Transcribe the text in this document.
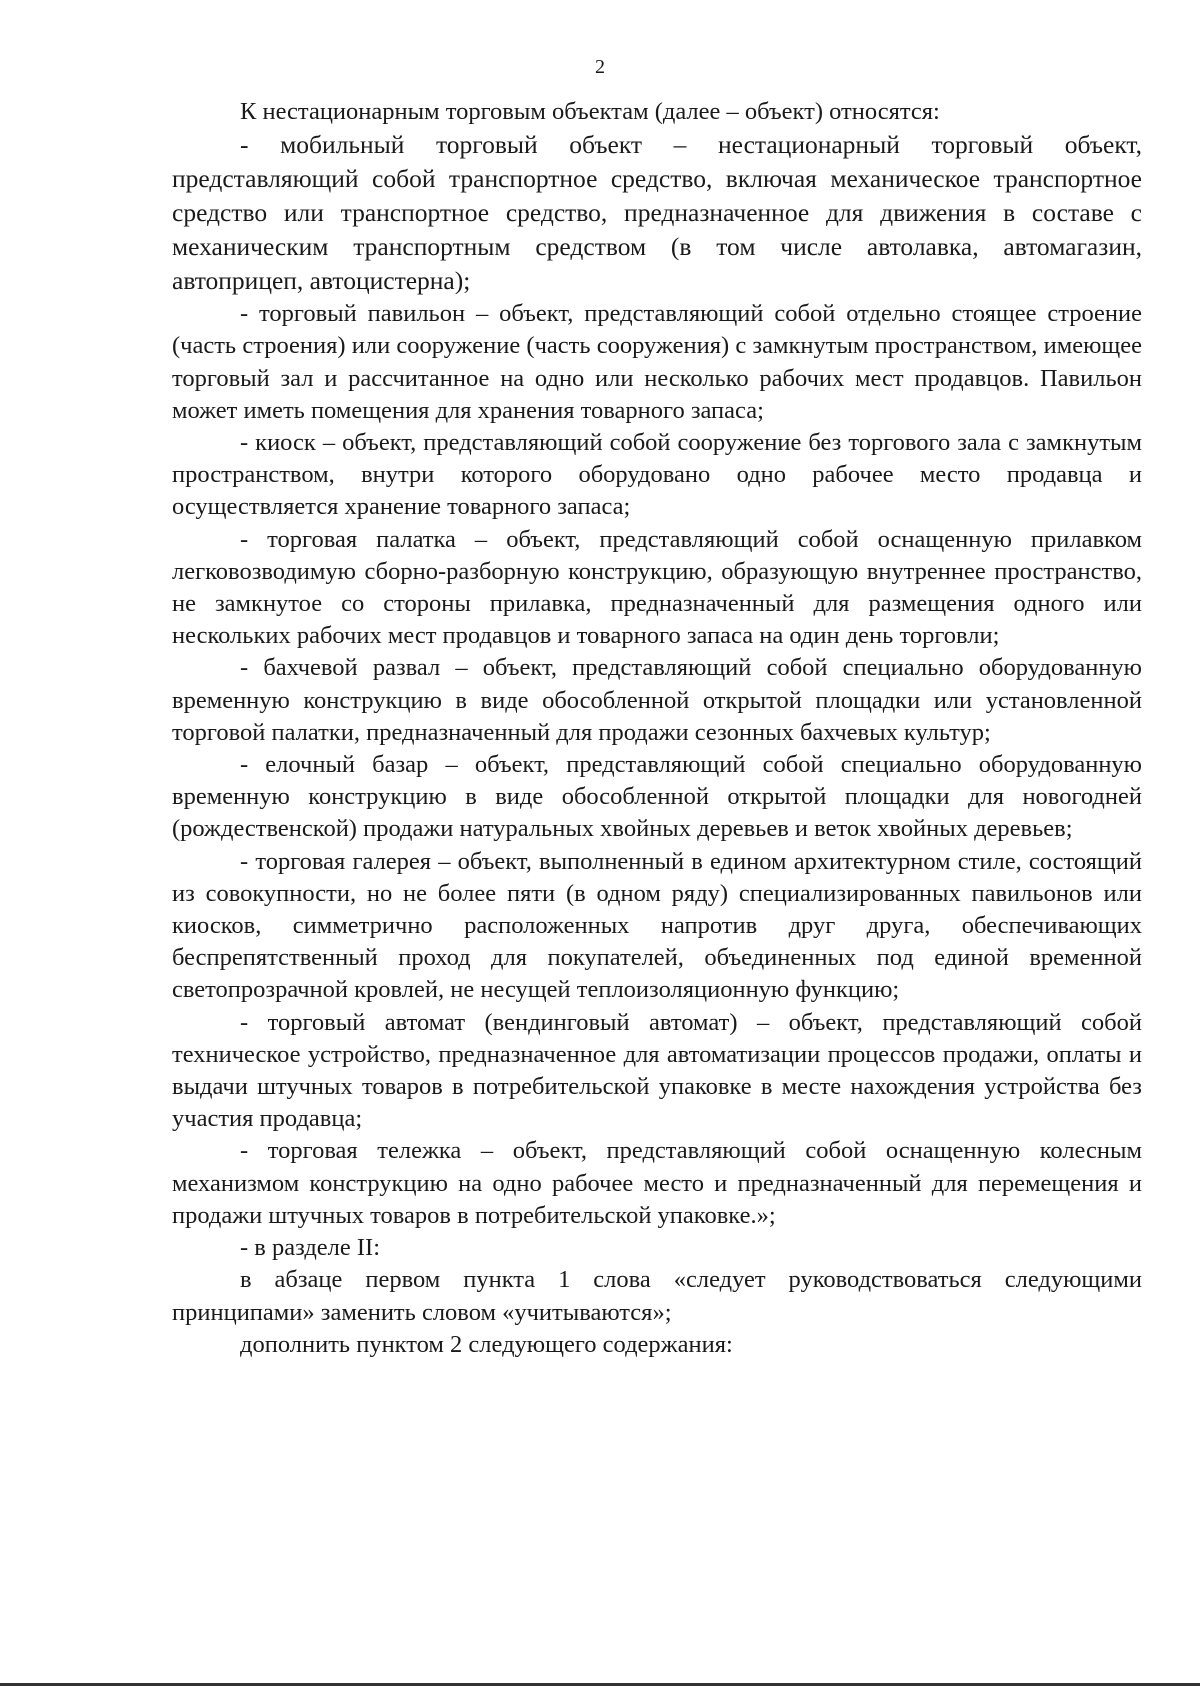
2

К нестационарным торговым объектам (далее – объект) относятся:

- мобильный торговый объект – нестационарный торговый объект, представляющий собой транспортное средство, включая механическое транспортное средство или транспортное средство, предназначенное для движения в составе с механическим транспортным средством (в том числе автолавка, автомагазин, автоприцеп, автоцистерна);

- торговый павильон – объект, представляющий собой отдельно стоящее строение (часть строения) или сооружение (часть сооружения) с замкнутым пространством, имеющее торговый зал и рассчитанное на одно или несколько рабочих мест продавцов. Павильон может иметь помещения для хранения товарного запаса;

- киоск – объект, представляющий собой сооружение без торгового зала с замкнутым пространством, внутри которого оборудовано одно рабочее место продавца и осуществляется хранение товарного запаса;

- торговая палатка – объект, представляющий собой оснащенную прилавком легковозводимую сборно-разборную конструкцию, образующую внутреннее пространство, не замкнутое со стороны прилавка, предназначенный для размещения одного или нескольких рабочих мест продавцов и товарного запаса на один день торговли;

- бахчевой развал – объект, представляющий собой специально оборудованную временную конструкцию в виде обособленной открытой площадки или установленной торговой палатки, предназначенный для продажи сезонных бахчевых культур;

- елочный базар – объект, представляющий собой специально оборудованную временную конструкцию в виде обособленной открытой площадки для новогодней (рождественской) продажи натуральных хвойных деревьев и веток хвойных деревьев;

- торговая галерея – объект, выполненный в едином архитектурном стиле, состоящий из совокупности, но не более пяти (в одном ряду) специализированных павильонов или киосков, симметрично расположенных напротив друг друга, обеспечивающих беспрепятственный проход для покупателей, объединенных под единой временной светопрозрачной кровлей, не несущей теплоизоляционную функцию;

- торговый автомат (вендинговый автомат) – объект, представляющий собой техническое устройство, предназначенное для автоматизации процессов продажи, оплаты и выдачи штучных товаров в потребительской упаковке в месте нахождения устройства без участия продавца;

- торговая тележка – объект, представляющий собой оснащенную колесным механизмом конструкцию на одно рабочее место и предназначенный для перемещения и продажи штучных товаров в потребительской упаковке.»;

- в разделе II:

в абзаце первом пункта 1 слова «следует руководствоваться следующими принципами» заменить словом «учитываются»;

дополнить пунктом 2 следующего содержания:
